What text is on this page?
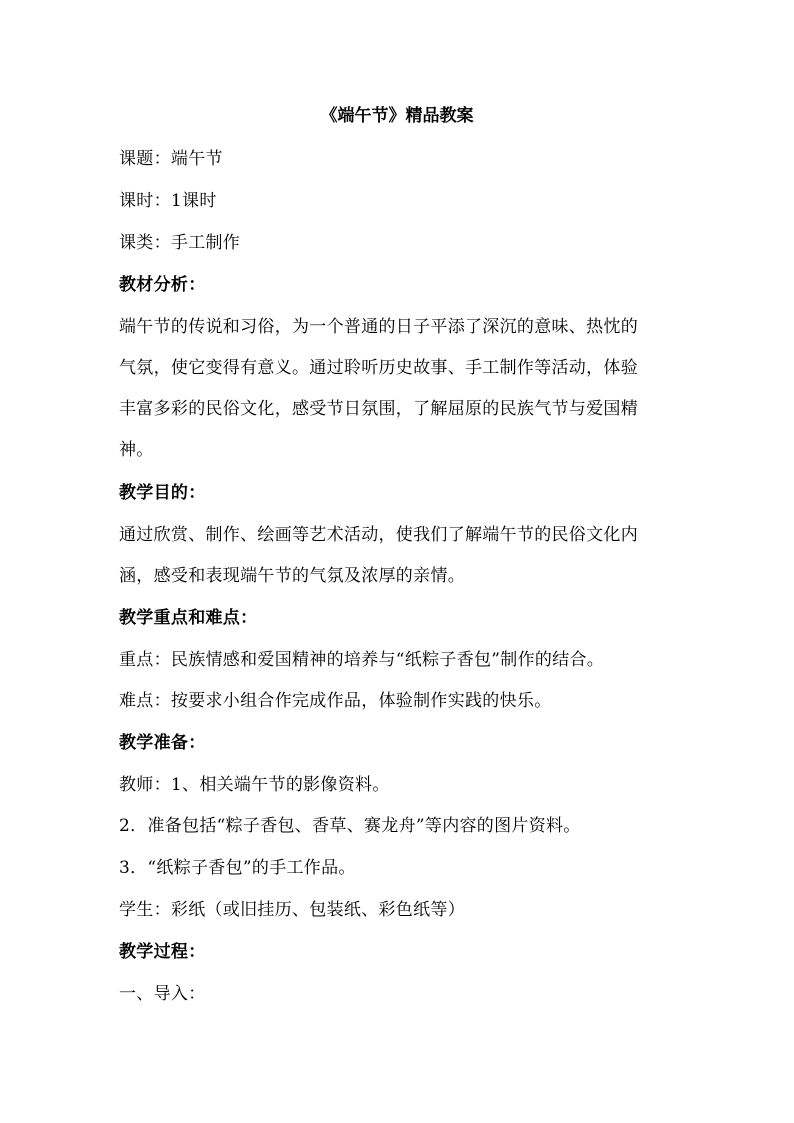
《端午节》精品教案
课题：端午节
课时：1课时
课类：手工制作
教材分析：
端午节的传说和习俗，为一个普通的日子平添了深沉的意味、热忱的
气氛，使它变得有意义。通过聆听历史故事、手工制作等活动，体验
丰富多彩的民俗文化，感受节日氛围，了解屈原的民族气节与爱国精
神。
教学目的：
通过欣赏、制作、绘画等艺术活动，使我们了解端午节的民俗文化内
涵，感受和表现端午节的气氛及浓厚的亲情。
教学重点和难点：
重点：民族情感和爱国精神的培养与“纸粽子香包”制作的结合。
难点：按要求小组合作完成作品，体验制作实践的快乐。
教学准备：
教师：1、相关端午节的影像资料。
2．准备包括“粽子香包、香草、赛龙舟”等内容的图片资料。
3．“纸粽子香包”的手工作品。
学生：彩纸（或旧挂历、包装纸、彩色纸等）
教学过程：
一、导入：
